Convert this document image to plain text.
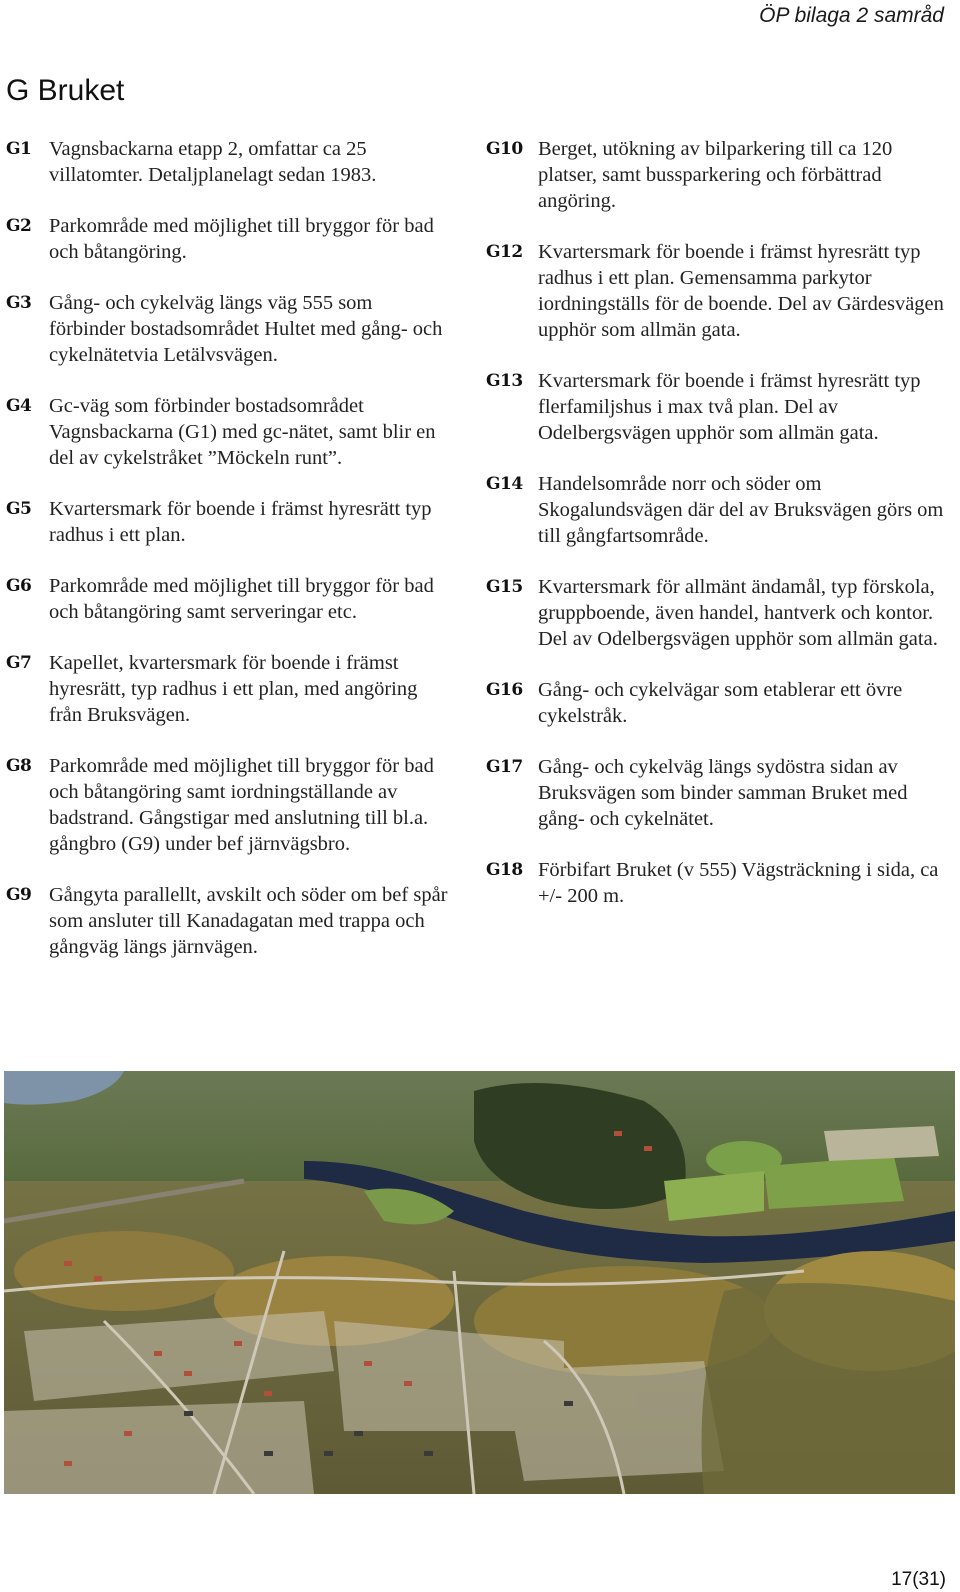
ÖP bilaga 2 samråd
G Bruket
G1 Vagnsbackarna etapp 2, omfattar ca 25 villatomter. Detaljplanelagt sedan 1983.
G2 Parkområde med möjlighet till bryggor för bad och båtangöring.
G3 Gång- och cykelväg längs väg 555 som förbinder bostadsområdet Hultet med gång- och cykelnätetvia Letälvsvägen.
G4 Gc-väg som förbinder bostadsområdet Vagnsbackarna (G1) med gc-nätet, samt blir en del av cykelstråket ”Möckeln runt”.
G5 Kvartersmark för boende i främst hyresrätt typ radhus i ett plan.
G6 Parkområde med möjlighet till bryggor för bad och båtangöring samt serveringar etc.
G7 Kapellet, kvartersmark för boende i främst hyresrätt, typ radhus i ett plan, med angöring från Bruksvägen.
G8 Parkområde med möjlighet till bryggor för bad och båtangöring samt iordningställande av badstrand. Gångstigar med anslutning till bl.a. gångbro (G9) under bef järnvägsbro.
G9 Gångyta parallellt, avskilt och söder om bef spår som ansluter till Kanadagatan med trappa och gångväg längs järnvägen.
G10 Berget, utökning av bilparkering till ca 120 platser, samt bussparkering och förbättrad angöring.
G12 Kvartersmark för boende i främst hyresrätt typ radhus i ett plan. Gemensamma parkytor iordningställs för de boende. Del av Gärdesvägen upphör som allmän gata.
G13 Kvartersmark för boende i främst hyresrätt typ flerfamiljshus i max två plan. Del av Odelbergsvägen upphör som allmän gata.
G14 Handelsområde norr och söder om Skogalundsvägen där del av Bruksvägen görs om till gångfartsområde.
G15 Kvartersmark för allmänt ändamål, typ förskola, gruppboende, även handel, hantverk och kontor. Del av Odelbergsvägen upphör som allmän gata.
G16 Gång- och cykelvägar som etablerar ett övre cykelstråk.
G17 Gång- och cykelväg längs sydöstra sidan av Bruksvägen som binder samman Bruket med gång- och cykelnätet.
G18 Förbifart Bruket (v 555) Vägsträckning i sida, ca +/- 200 m.
17(31)
